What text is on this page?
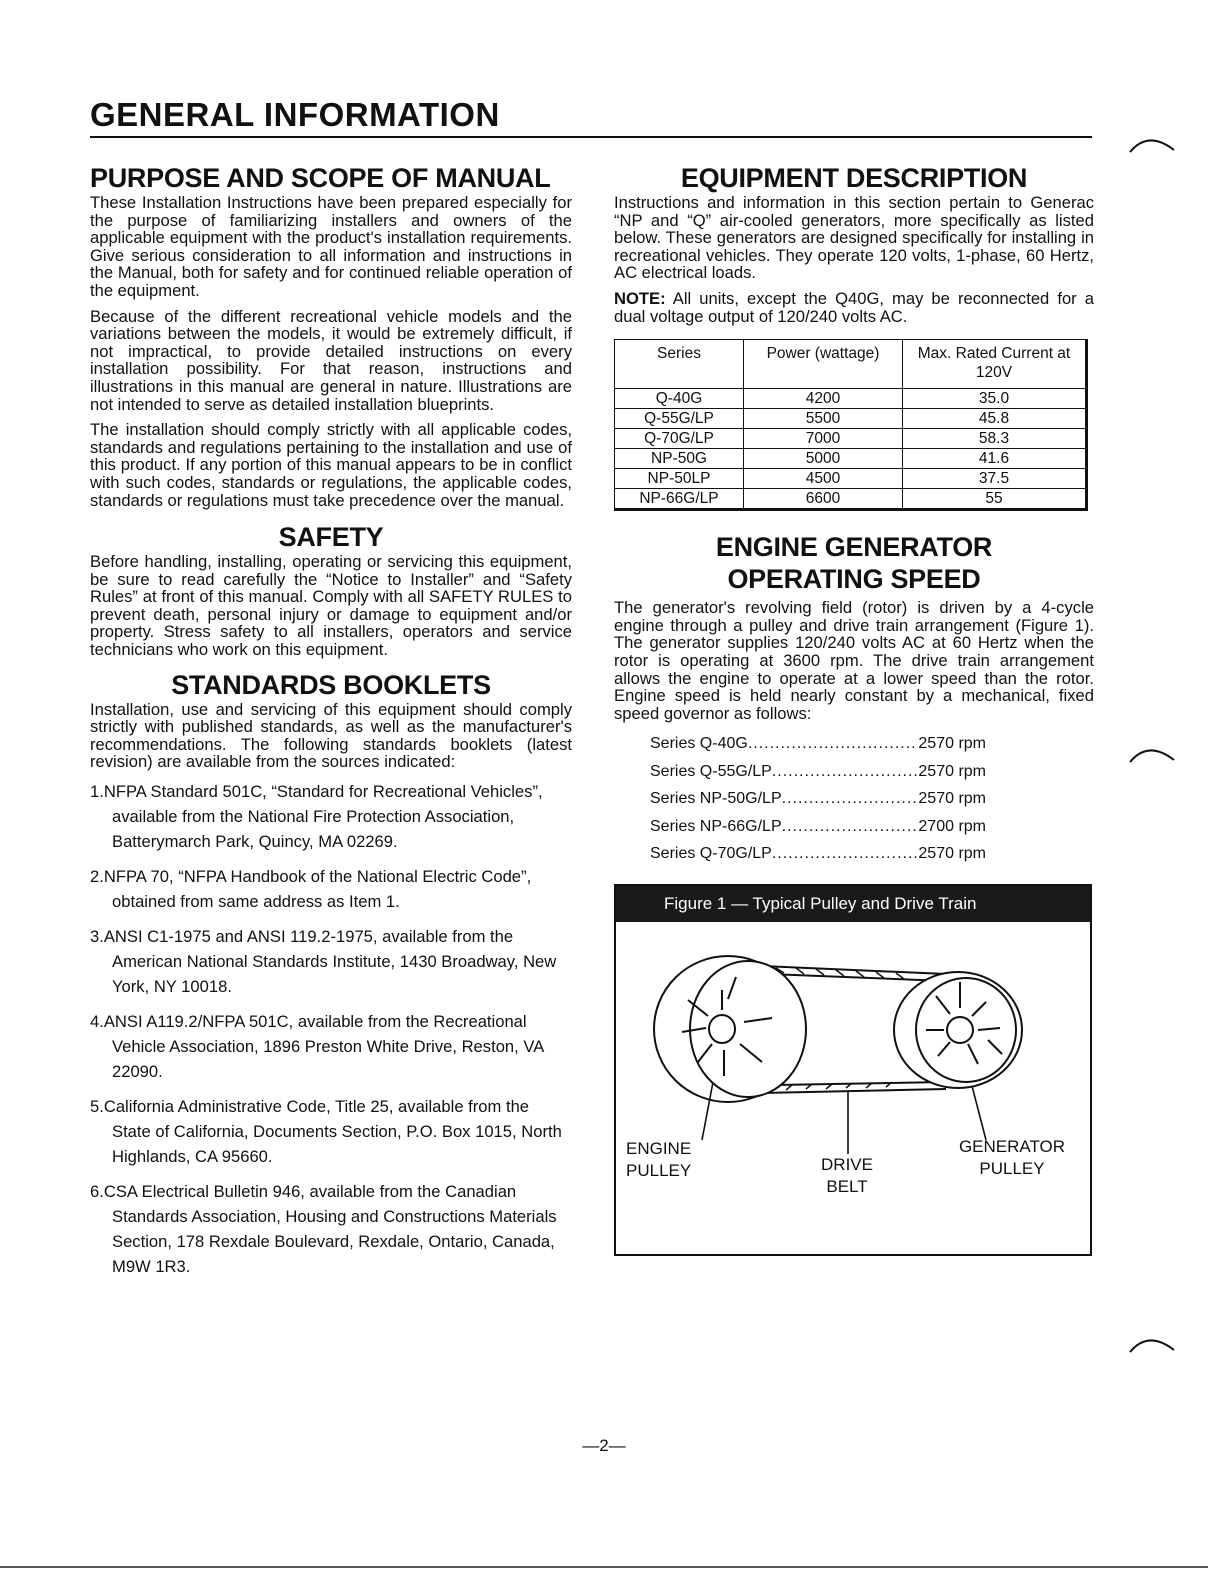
GENERAL INFORMATION
PURPOSE AND SCOPE OF MANUAL

These Installation Instructions have been prepared especially for the purpose of familiarizing installers and owners of the applicable equipment with the product's installation requirements. Give serious consideration to all information and instructions in the Manual, both for safety and for continued reliable operation of the equipment.

Because of the different recreational vehicle models and the variations between the models, it would be extremely difficult, if not impractical, to provide detailed instructions on every installation possibility. For that reason, instructions and illustrations in this manual are general in nature. Illustrations are not intended to serve as detailed installation blueprints.

The installation should comply strictly with all applicable codes, standards and regulations pertaining to the installation and use of this product. If any portion of this manual appears to be in conflict with such codes, standards or regulations, the applicable codes, standards or regulations must take precedence over the manual.

SAFETY

Before handling, installing, operating or servicing this equipment, be sure to read carefully the “Notice to Installer” and “Safety Rules” at front of this manual. Comply with all SAFETY RULES to prevent death, personal injury or damage to equipment and/or property. Stress safety to all installers, operators and service technicians who work on this equipment.

STANDARDS BOOKLETS

Installation, use and servicing of this equipment should comply strictly with published standards, as well as the manufacturer's recommendations. The following standards booklets (latest revision) are available from the sources indicated:

1.NFPA Standard 501C, “Standard for Recreational Vehicles”, available from the National Fire Protection Association, Batterymarch Park, Quincy, MA 02269.
2.NFPA 70, “NFPA Handbook of the National Electric Code”, obtained from same address as Item 1.
3.ANSI C1-1975 and ANSI 119.2-1975, available from the American National Standards Institute, 1430 Broadway, New York, NY 10018.
4.ANSI A119.2/NFPA 501C, available from the Recreational Vehicle Association, 1896 Preston White Drive, Reston, VA 22090.
5.California Administrative Code, Title 25, available from the State of California, Documents Section, P.O. Box 1015, North Highlands, CA 95660.
6.CSA Electrical Bulletin 946, available from the Canadian Standards Association, Housing and Constructions Materials Section, 178 Rexdale Boulevard, Rexdale, Ontario, Canada, M9W 1R3.
EQUIPMENT DESCRIPTION

Instructions and information in this section pertain to Generac “NP and “Q” air-cooled generators, more specifically as listed below. These generators are designed specifically for installing in recreational vehicles. They operate 120 volts, 1-phase, 60 Hertz, AC electrical loads.

NOTE: All units, except the Q40G, may be reconnected for a dual voltage output of 120/240 volts AC.

Series	Power (wattage)	Max. Rated Current at 120V
Q-40G	4200	35.0
Q-55G/LP	5500	45.8
Q-70G/LP	7000	58.3
NP-50G	5000	41.6
NP-50LP	4500	37.5
NP-66G/LP	6600	55
ENGINE GENERATOR
OPERATING SPEED

The generator's revolving field (rotor) is driven by a 4-cycle engine through a pulley and drive train arrangement (Figure 1). The generator supplies 120/240 volts AC at 60 Hertz when the rotor is operating at 3600 rpm. The drive train arrangement allows the engine to operate at a lower speed than the rotor. Engine speed is held nearly constant by a mechanical, fixed speed governor as follows:

Series Q-40G .....	2570 rpm
Series Q-55G/LP .....	2570 rpm
Series NP-50G/LP .....	2570 rpm
Series NP-66G/LP .....	2700 rpm
Series Q-70G/LP .....	2570 rpm
Figure 1 — Typical Pulley and Drive Train
ENGINE
PULLEY	DRIVE
BELT
GENERATOR
PULLEY
—2—
